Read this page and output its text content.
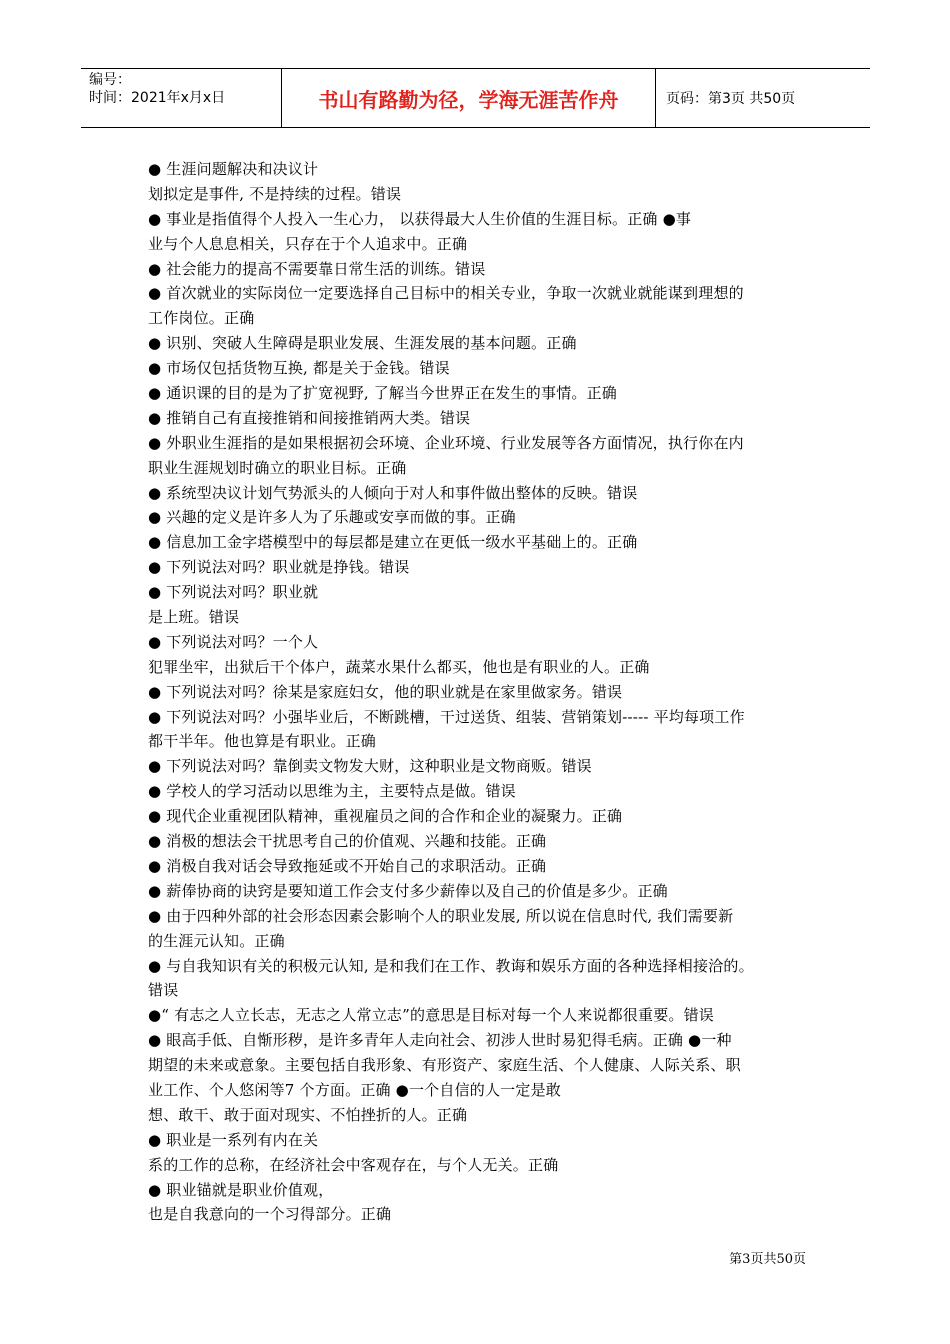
编号：
时间：2021年x月x日	书山有路勤为径，学海无涯苦作舟	页码：第3页 共50页
● 生涯问题解决和决议计
划拟定是事件, 不是持续的过程。错误
● 事业是指值得个人投入一生心力， 以获得最大人生价值的生涯目标。正确 ●事
业与个人息息相关，只存在于个人追求中。正确
● 社会能力的提高不需要靠日常生活的训练。错误
● 首次就业的实际岗位一定要选择自己目标中的相关专业，争取一次就业就能谋到理想的
工作岗位。正确
● 识别、突破人生障碍是职业发展、生涯发展的基本问题。正确
● 市场仅包括货物互换, 都是关于金钱。错误
● 通识课的目的是为了扩宽视野, 了解当今世界正在发生的事情。正确
● 推销自己有直接推销和间接推销两大类。错误
● 外职业生涯指的是如果根据初会环境、企业环境、行业发展等各方面情况，执行你在内
职业生涯规划时确立的职业目标。正确
● 系统型决议计划气势派头的人倾向于对人和事件做出整体的反映。错误
● 兴趣的定义是许多人为了乐趣或安享而做的事。正确
● 信息加工金字塔模型中的每层都是建立在更低一级水平基础上的。正确
● 下列说法对吗？职业就是挣钱。错误
● 下列说法对吗？职业就
是上班。错误
● 下列说法对吗？一个人
犯罪坐牢，出狱后干个体户，蔬菜水果什么都买，他也是有职业的人。正确
● 下列说法对吗？徐某是家庭妇女，他的职业就是在家里做家务。错误
● 下列说法对吗？小强毕业后，不断跳槽，干过送货、组装、营销策划----- 平均每项工作
都干半年。他也算是有职业。正确
● 下列说法对吗？靠倒卖文物发大财，这种职业是文物商贩。错误
● 学校人的学习活动以思维为主，主要特点是做。错误
● 现代企业重视团队精神，重视雇员之间的合作和企业的凝聚力。正确
● 消极的想法会干扰思考自己的价值观、兴趣和技能。正确
● 消极自我对话会导致拖延或不开始自己的求职活动。正确
● 薪俸协商的诀窍是要知道工作会支付多少薪俸以及自己的价值是多少。正确
● 由于四种外部的社会形态因素会影响个人的职业发展, 所以说在信息时代, 我们需要新
的生涯元认知。正确
● 与自我知识有关的积极元认知, 是和我们在工作、教诲和娱乐方面的各种选择相接洽的。
错误
●“ 有志之人立长志，无志之人常立志”的意思是目标对每一个人来说都很重要。错误
● 眼高手低、自惭形秽，是许多青年人走向社会、初涉人世时易犯得毛病。正确 ●一种
期望的未来或意象。主要包括自我形象、有形资产、家庭生活、个人健康、人际关系、职
业工作、个人悠闲等7 个方面。正确 ●一个自信的人一定是敢
想、敢干、敢于面对现实、不怕挫折的人。正确
● 职业是一系列有内在关
系的工作的总称，在经济社会中客观存在，与个人无关。正确
● 职业锚就是职业价值观，
也是自我意向的一个习得部分。正确
第3页共50页
